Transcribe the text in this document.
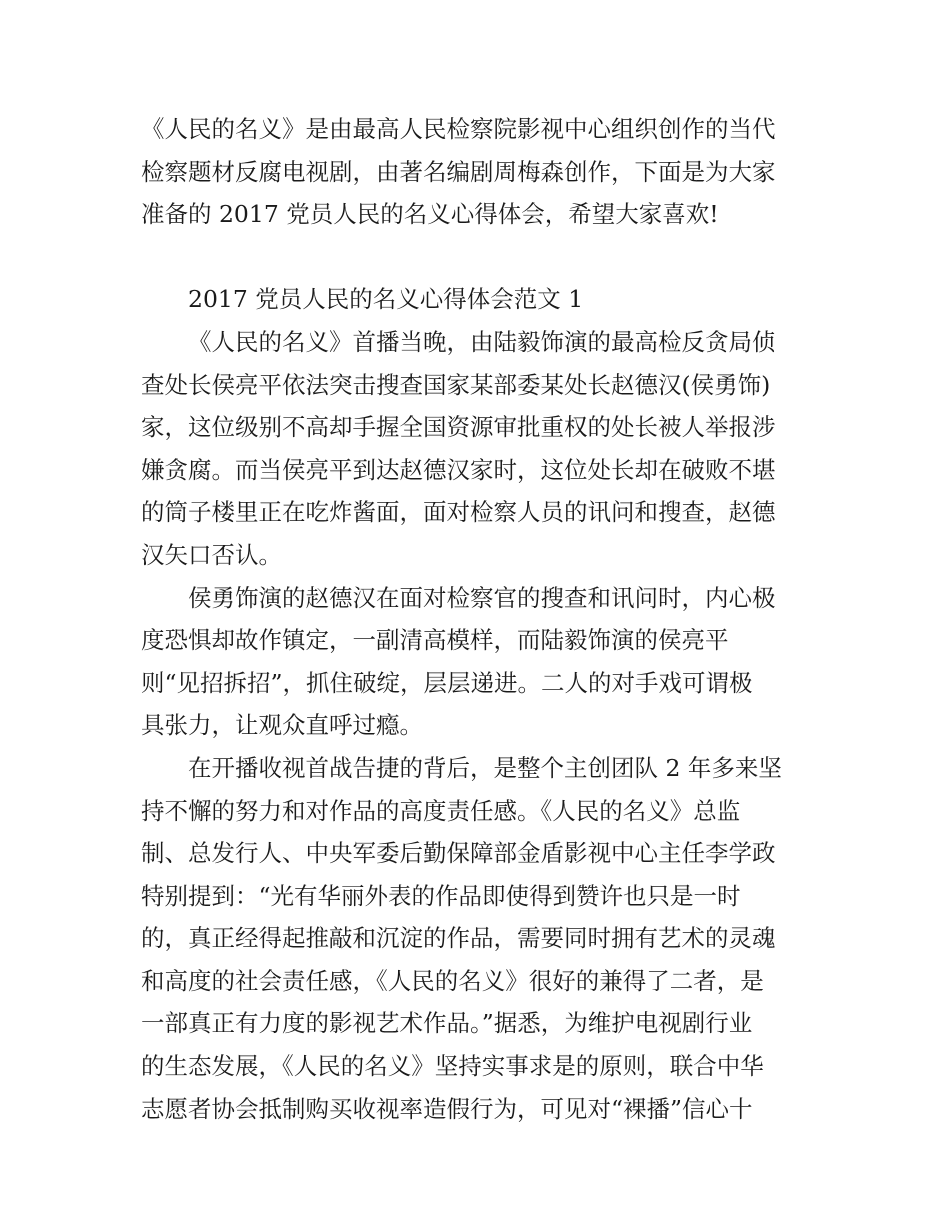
《人民的名义》是由最高人民检察院影视中心组织创作的当代
检察题材反腐电视剧，由著名编剧周梅森创作，下面是为大家
准备的 2017 党员人民的名义心得体会，希望大家喜欢!
2017 党员人民的名义心得体会范文 1
《人民的名义》首播当晚，由陆毅饰演的最高检反贪局侦
查处长侯亮平依法突击搜查国家某部委某处长赵德汉(侯勇饰)
家，这位级别不高却手握全国资源审批重权的处长被人举报涉
嫌贪腐。而当侯亮平到达赵德汉家时，这位处长却在破败不堪
的筒子楼里正在吃炸酱面，面对检察人员的讯问和搜查，赵德
汉矢口否认。
侯勇饰演的赵德汉在面对检察官的搜查和讯问时，内心极
度恐惧却故作镇定，一副清高模样，而陆毅饰演的侯亮平
则“见招拆招”，抓住破绽，层层递进。二人的对手戏可谓极
具张力，让观众直呼过瘾。
在开播收视首战告捷的背后，是整个主创团队 2 年多来坚
持不懈的努力和对作品的高度责任感。《人民的名义》总监
制、总发行人、中央军委后勤保障部金盾影视中心主任李学政
特别提到：“光有华丽外表的作品即使得到赞许也只是一时
的，真正经得起推敲和沉淀的作品，需要同时拥有艺术的灵魂
和高度的社会责任感，《人民的名义》很好的兼得了二者，是
一部真正有力度的影视艺术作品。”据悉，为维护电视剧行业
的生态发展，《人民的名义》坚持实事求是的原则，联合中华
志愿者协会抵制购买收视率造假行为，可见对“裸播”信心十
